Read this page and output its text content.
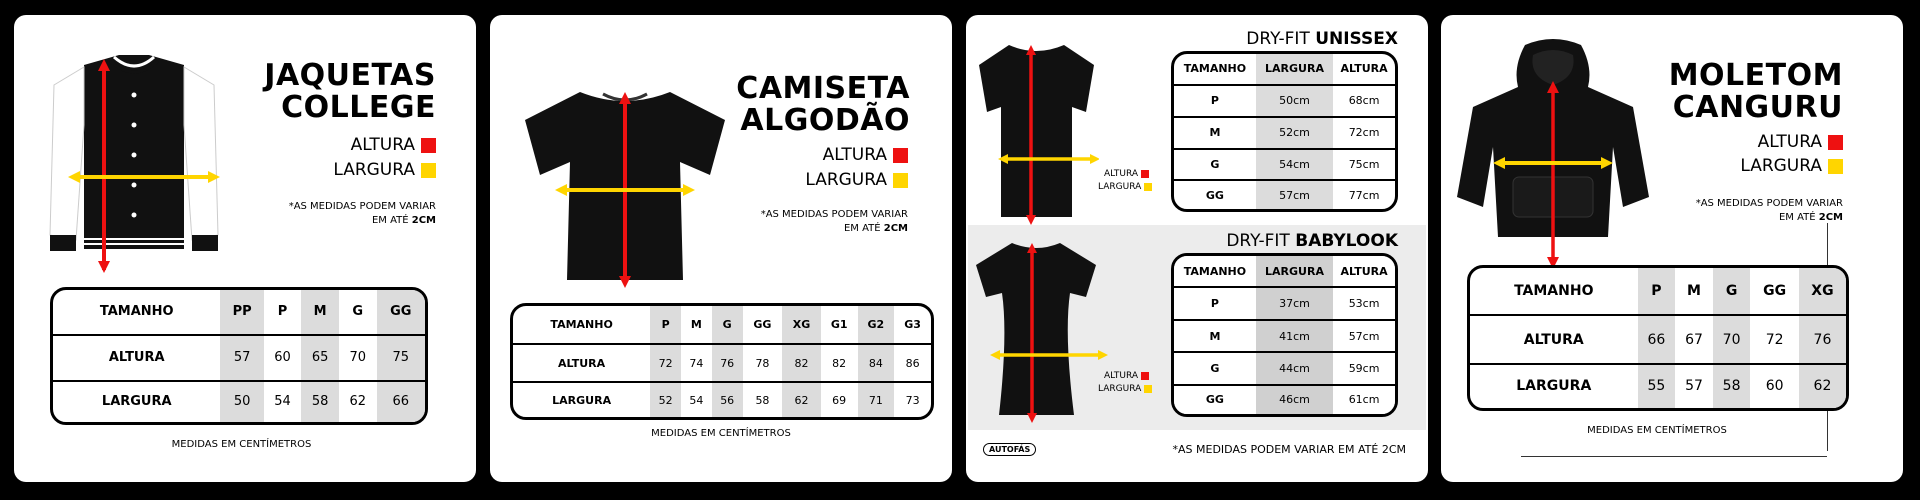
JAQUETAS
COLLEGE
ALTURA
LARGURA
*AS MEDIDAS PODEM VARIAR
EM ATÉ 2CM
TAMANHO	PP	P	M	G	GG
ALTURA	57	60	65	70	75
LARGURA	50	54	58	62	66
MEDIDAS EM CENTÍMETROS
CAMISETA
ALGODÃO
ALTURA
LARGURA
*AS MEDIDAS PODEM VARIAR
EM ATÉ 2CM
TAMANHO	P	M	G	GG	XG	G1	G2	G3
ALTURA	72	74	76	78	82	82	84	86
LARGURA	52	54	56	58	62	69	71	73
MEDIDAS EM CENTÍMETROS
ALTURA
LARGURA
DRY-FIT UNISSEX
TAMANHO	LARGURA	ALTURA
P	50cm	68cm
M	52cm	72cm
G	54cm	75cm
GG	57cm	77cm
ALTURA
LARGURA
DRY-FIT BABYLOOK
TAMANHO	LARGURA	ALTURA
P	37cm	53cm
M	41cm	57cm
G	44cm	59cm
GG	46cm	61cm
AUTOFÁS	*AS MEDIDAS PODEM VARIAR EM ATÉ 2CM
MOLETOM
CANGURU
ALTURA
LARGURA
*AS MEDIDAS PODEM VARIAR
EM ATÉ 2CM
TAMANHO	P	M	G	GG	XG
ALTURA	66	67	70	72	76
LARGURA	55	57	58	60	62
MEDIDAS EM CENTÍMETROS
